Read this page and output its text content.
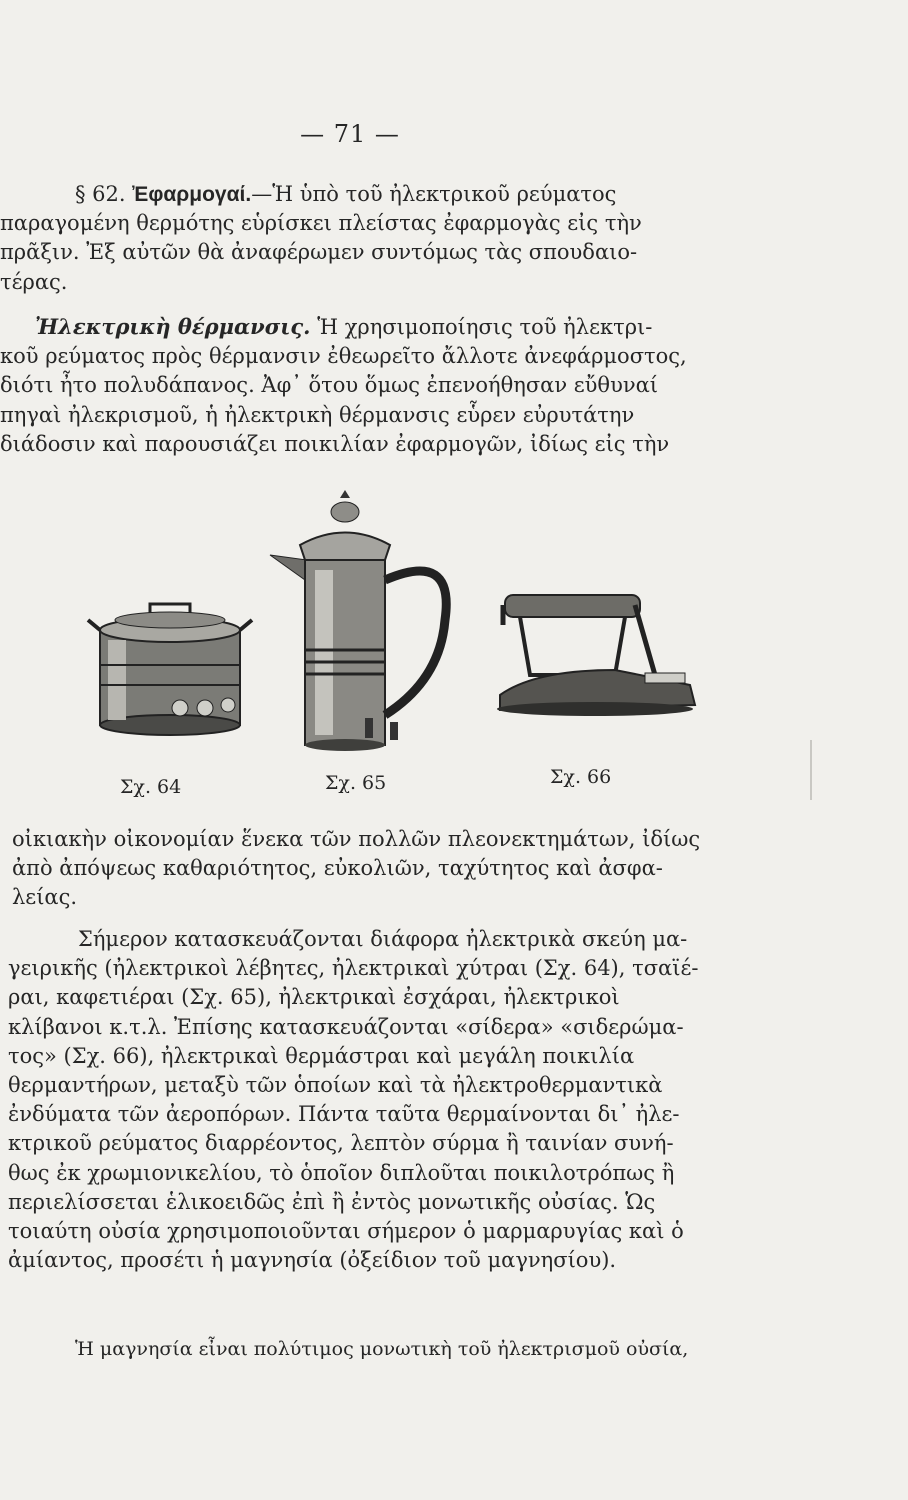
— 71 —
§ 62. Ἐφαρμογαί.—Ἡ ὑπὸ τοῦ ἠλεκτρικοῦ ρεύματος
παραγομένη θερμότης εὑρίσκει πλείστας ἐφαρμογὰς εἰς τὴν
πρᾶξιν. Ἐξ αὐτῶν θὰ ἀναφέρωμεν συντόμως τὰς σπουδαιο-
τέρας.
Ἠλεκτρικὴ θέρμανσις. Ἡ χρησιμοποίησις τοῦ ἠλεκτρι-
κοῦ ρεύματος πρὸς θέρμανσιν ἐθεωρεῖτο ἄλλοτε ἀνεφάρμοστος,
διότι ἦτο πολυδάπανος. Ἀφ᾽ ὅτου ὅμως ἐπενοήθησαν εὔθυναί
πηγαὶ ἠλεκρισμοῦ, ἡ ἠλεκτρικὴ θέρμανσις εὗρεν εὐρυτάτην
διάδοσιν καὶ παρουσιάζει ποικιλίαν ἐφαρμογῶν, ἰδίως εἰς τὴν
Σχ. 64	Σχ. 65	Σχ. 66
οἰκιακὴν οἰκονομίαν ἕνεκα τῶν πολλῶν πλεονεκτημάτων, ἰδίως
ἀπὸ ἀπόψεως καθαριότητος, εὐκολιῶν, ταχύτητος καὶ ἀσφα-
λείας.
Σήμερον κατασκευάζονται διάφορα ἠλεκτρικὰ σκεύη μα-
γειρικῆς (ἠλεκτρικοὶ λέβητες, ἠλεκτρικαὶ χύτραι (Σχ. 64), τσαϊέ-
ραι, καφετιέραι (Σχ. 65), ἠλεκτρικαὶ ἐσχάραι, ἠλεκτρικοὶ
κλίβανοι κ.τ.λ. Ἐπίσης κατασκευάζονται «σίδερα» «σιδερώμα-
τος» (Σχ. 66), ἠλεκτρικαὶ θερμάστραι καὶ μεγάλη ποικιλία
θερμαντήρων, μεταξὺ τῶν ὁποίων καὶ τὰ ἠλεκτροθερμαντικὰ
ἐνδύματα τῶν ἀεροπόρων. Πάντα ταῦτα θερμαίνονται δι᾽ ἠλε-
κτρικοῦ ρεύματος διαρρέοντος, λεπτὸν σύρμα ἢ ταινίαν συνή-
θως ἐκ χρωμιονικελίου, τὸ ὁποῖον διπλοῦται ποικιλοτρόπως ἢ
περιελίσσεται ἑλικοειδῶς ἐπὶ ἢ ἐντὸς μονωτικῆς οὐσίας. Ὡς
τοιαύτη οὐσία χρησιμοποιοῦνται σήμερον ὁ μαρμαρυγίας καὶ ὁ
ἀμίαντος, προσέτι ἡ μαγνησία (ὀξείδιον τοῦ μαγνησίου).
Ἡ μαγνησία εἶναι πολύτιμος μονωτικὴ τοῦ ἠλεκτρισμοῦ οὐσία,
